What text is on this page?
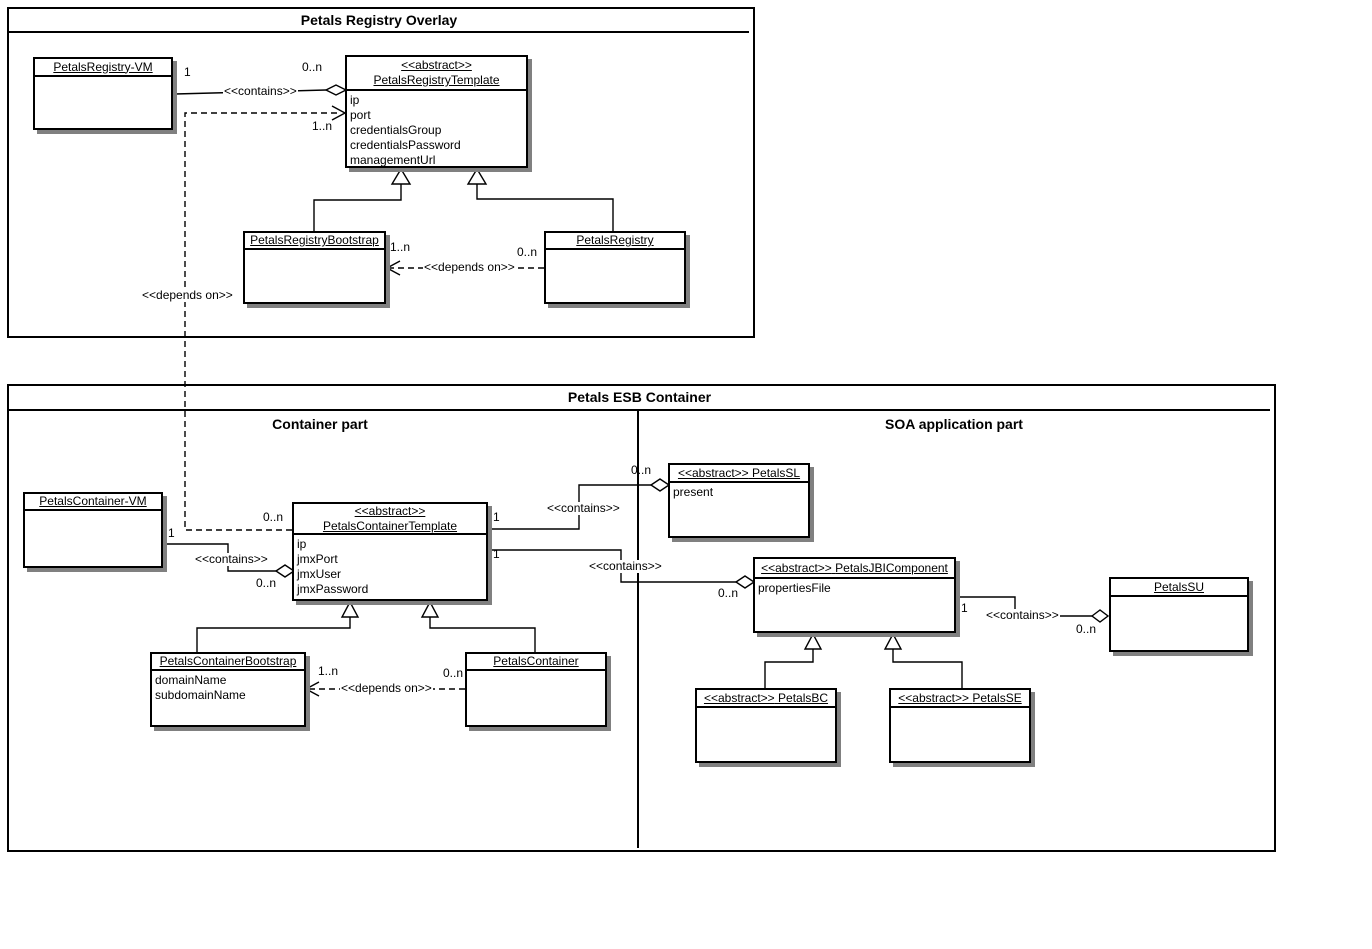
Petals Registry Overlay
Petals ESB Container
Container part	SOA application part
PetalsRegistry-VM	<<abstract>>
PetalsRegistryTemplate
ip
port
credentialsGroup
credentialsPassword
managementUrl
PetalsRegistryBootstrap	PetalsRegistry
PetalsContainer-VM
<<abstract>>
PetalsContainerTemplate
ip
jmxPort
jmxUser
jmxPassword
PetalsContainerBootstrap
domainName
subdomainName
PetalsContainer
<<abstract>> PetalsSL
present
<<abstract>> PetalsJBIComponent
propertiesFile
<<abstract>> PetalsBC	<<abstract>> PetalsSE
PetalsSU
1	0..n
<<contains>>
1..n
<<depends on>>
0..n
1..n	0..n
<<depends on>>
1
<<contains>>
0..n
1
<<contains>>
0..n
1
<<contains>>
0..n
1..n	0..n
<<depends on>>
1 <<contains>>
0..n
